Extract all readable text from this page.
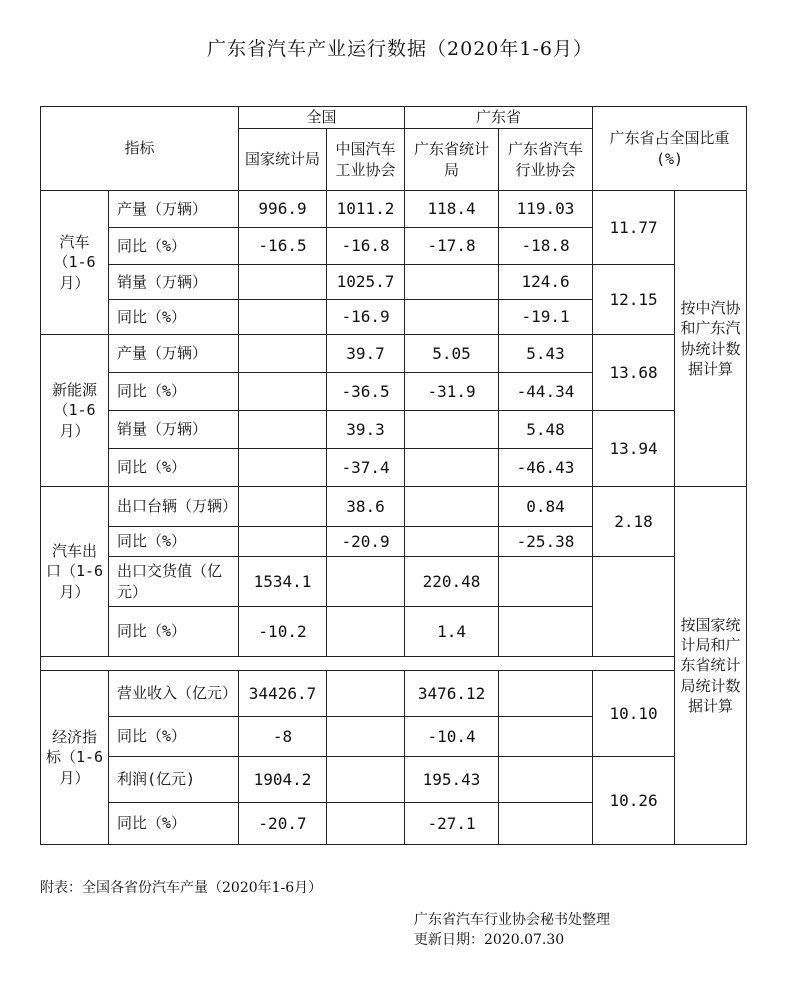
广东省汽车产业运行数据（2020年1-6月）
指标		全国		广东省		广东省占全国比重(%)	
		国家统计局	中国汽车工业协会	广东省统计局	广东省汽车行业协会		
汽车（1-6月）	产量（万辆）	996.9	1011.2	118.4	119.03	11.77	按中汽协和广东汽协统计数据计算
	同比（%）	-16.5	-16.8	-17.8	-18.8		
	销量（万辆）		1025.7		124.6	12.15	
	同比（%）		-16.9		-19.1		
新能源（1-6月）	产量（万辆）		39.7	5.05	5.43	13.68	
	同比（%）		-36.5	-31.9	-44.34		
	销量（万辆）		39.3		5.48	13.94	
	同比（%）		-37.4		-46.43		
汽车出口（1-6月）	出口台辆（万辆）		38.6		0.84	2.18	按国家统计局和广东省统计局统计数据计算
	同比（%）		-20.9		-25.38		
	出口交货值（亿元）	1534.1		220.48			
	同比（%）	-10.2		1.4			

经济指标（1-6月）	营业收入（亿元）	34426.7		3476.12		10.10	
	同比（%）	-8		-10.4			
	利润(亿元)	1904.2		195.43		10.26	
	同比（%）	-20.7		-27.1			
附表：全国各省份汽车产量（2020年1-6月）
广东省汽车行业协会秘书处整理
更新日期：2020.07.30
